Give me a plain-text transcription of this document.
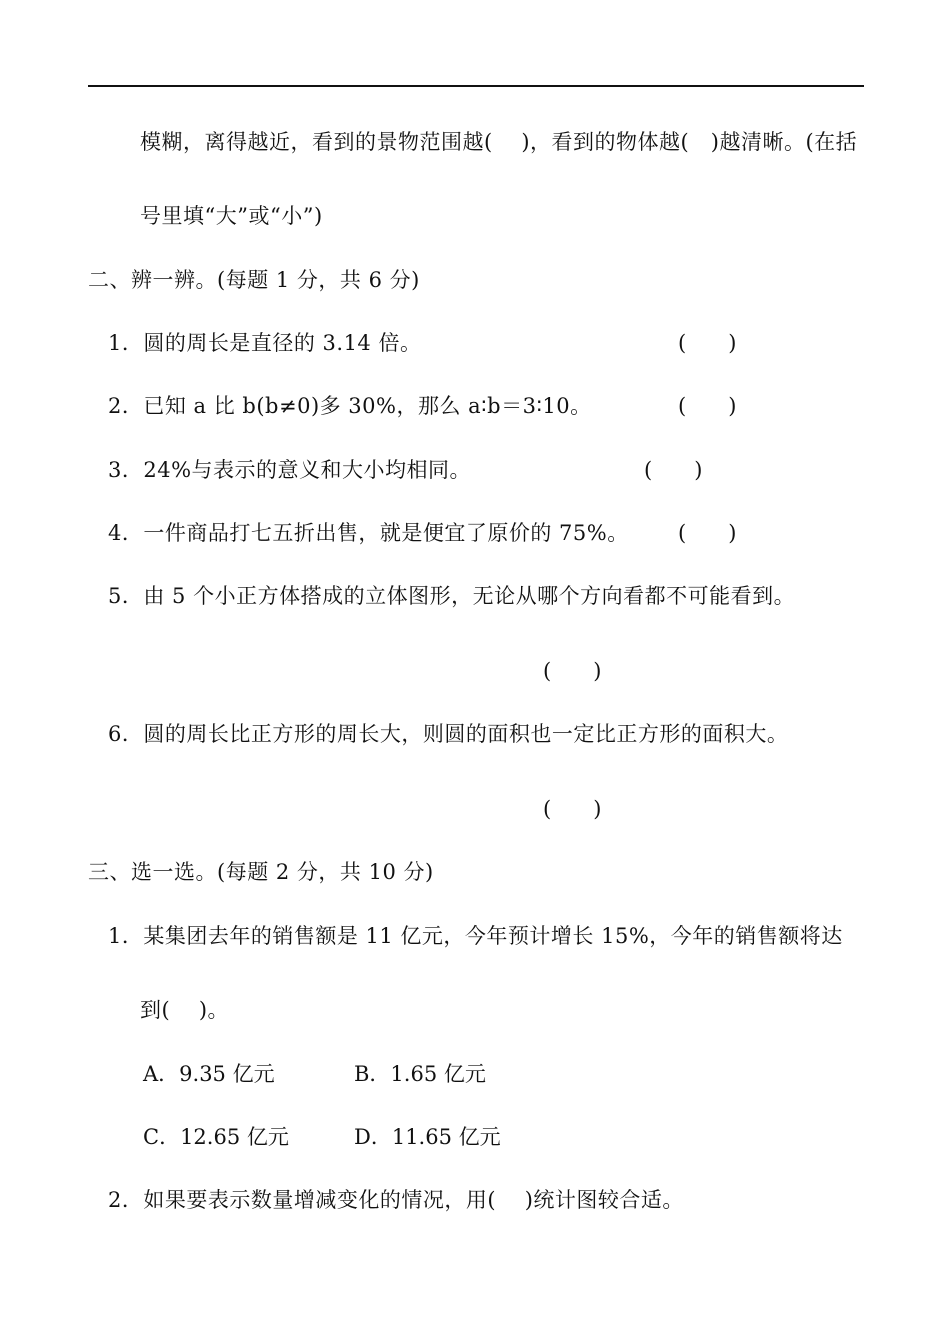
模糊，离得越近，看到的景物范围越(　 )，看到的物体越(　)越清晰。(在括
号里填“大”或“小”)
二、辨一辨。(每题 1 分，共 6 分)
1．圆的周长是直径的 3.14 倍。	(　　)
2．已知 a 比 b(b≠0)多 30%，那么 a∶b＝3∶10。	(　　)
3．24%与表示的意义和大小均相同。	(　　)
4．一件商品打七五折出售，就是便宜了原价的 75%。 (　　)
5．由 5 个小正方体搭成的立体图形，无论从哪个方向看都不可能看到。
(　　)
6．圆的周长比正方形的周长大，则圆的面积也一定比正方形的面积大。
(　　)
三、选一选。(每题 2 分，共 10 分)
1．某集团去年的销售额是 11 亿元，今年预计增长 15%，今年的销售额将达
到(　 )。
A．9.35 亿元	B．1.65 亿元
C．12.65 亿元	D．11.65 亿元
2．如果要表示数量增减变化的情况，用(　 )统计图较合适。
